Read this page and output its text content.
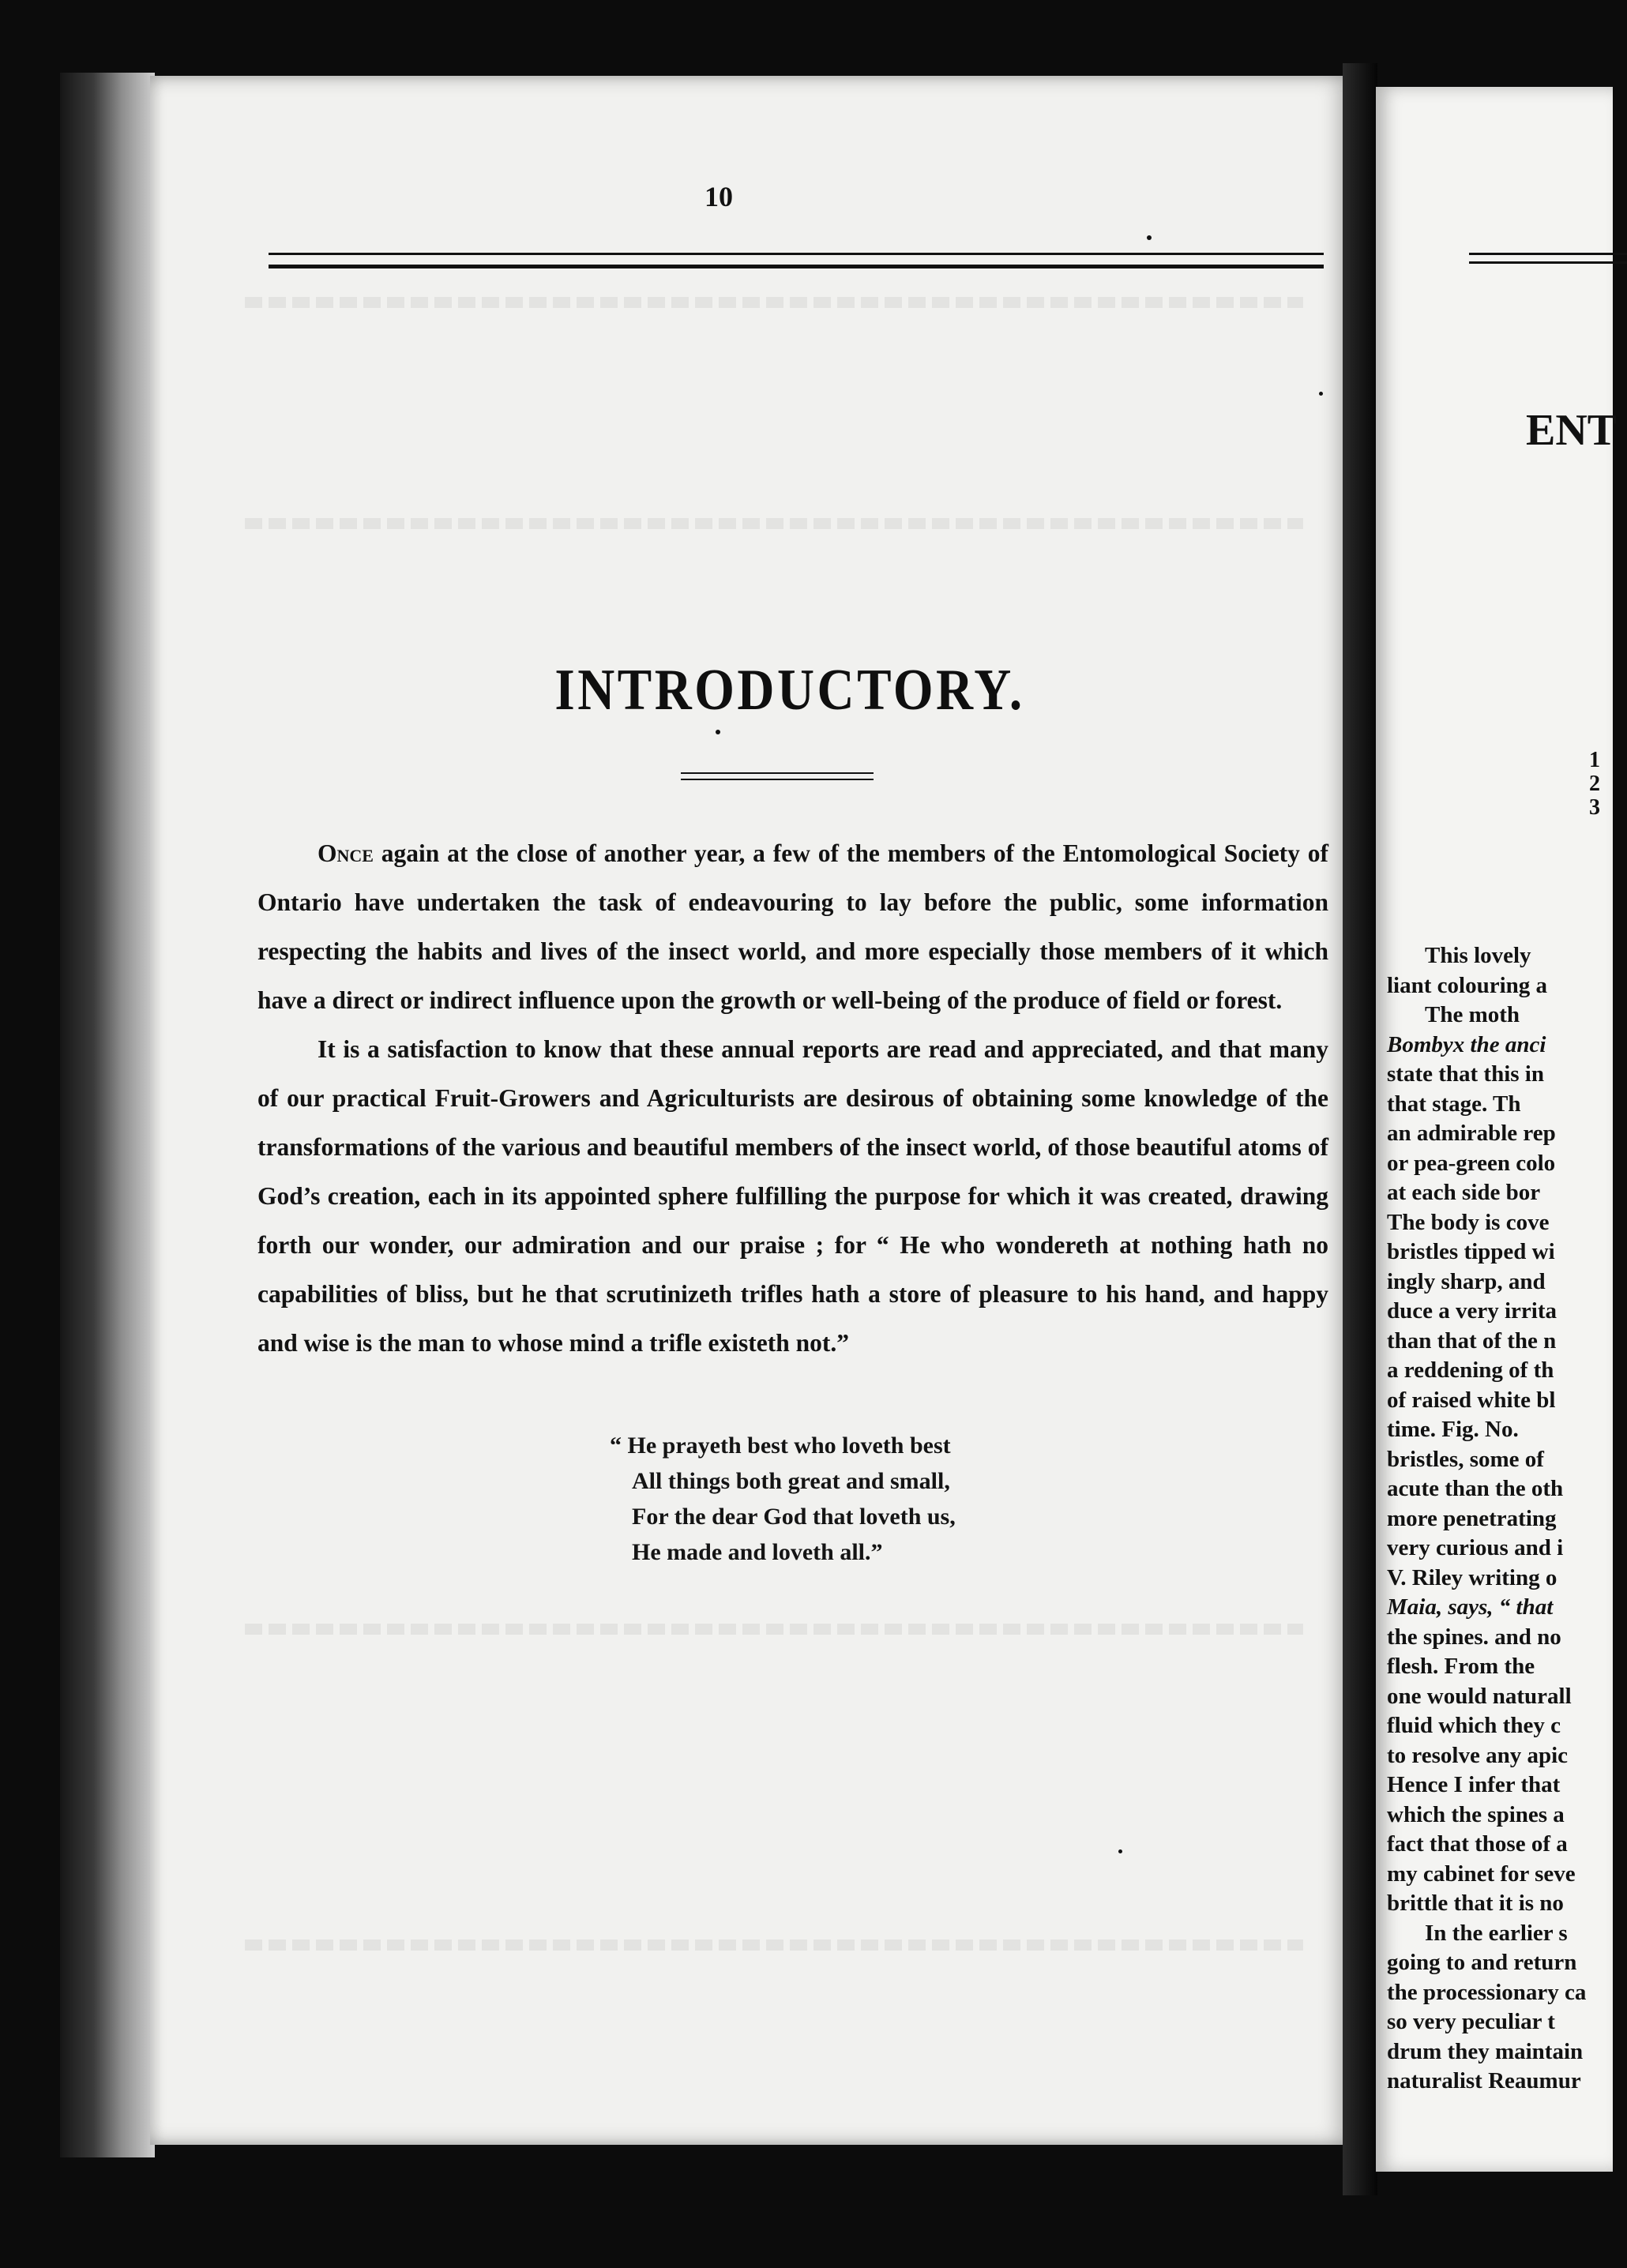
10
INTRODUCTORY.

Once again at the close of another year, a few of the members of the Entomological Society of Ontario have undertaken the task of endeavouring to lay before the public, some information respecting the habits and lives of the insect world, and more especially those members of it which have a direct or indirect influence upon the growth or well-being of the produce of field or forest.

It is a satisfaction to know that these annual reports are read and appreciated, and that many of our practical Fruit-Growers and Agriculturists are desirous of obtaining some knowledge of the transformations of the various and beautiful members of the insect world, of those beautiful atoms of God’s creation, each in its appointed sphere fulfilling the purpose for which it was created, drawing forth our wonder, our admiration and our praise ; for “ He who wondereth at nothing hath no capabilities of bliss, but he that scrutinizeth trifles hath a store of pleasure to his hand, and happy and wise is the man to whose mind a trifle existeth not.”

“ He prayeth best who loveth best
All things both great and small,
For the dear God that loveth us,
He made and loveth all.”
ENT
1
2
3
This lovely
liant colouring a
The moth
Bombyx the anci
state that this in
that stage. Th
an admirable rep
or pea-green colo
at each side bor
The body is cove
bristles tipped wi
ingly sharp, and
duce a very irrita
than that of the n
a reddening of th
of raised white bl
time. Fig. No.
bristles, some of
acute than the oth
more penetrating
very curious and i
V. Riley writing o
Maia, says, “ that
the spines. and no
flesh. From the
one would naturall
fluid which they c
to resolve any apic
Hence I infer that
which the spines a
fact that those of a
my cabinet for seve
brittle that it is no
In the earlier s
going to and return
the processionary ca
so very peculiar t
drum they maintain
naturalist Reaumur
